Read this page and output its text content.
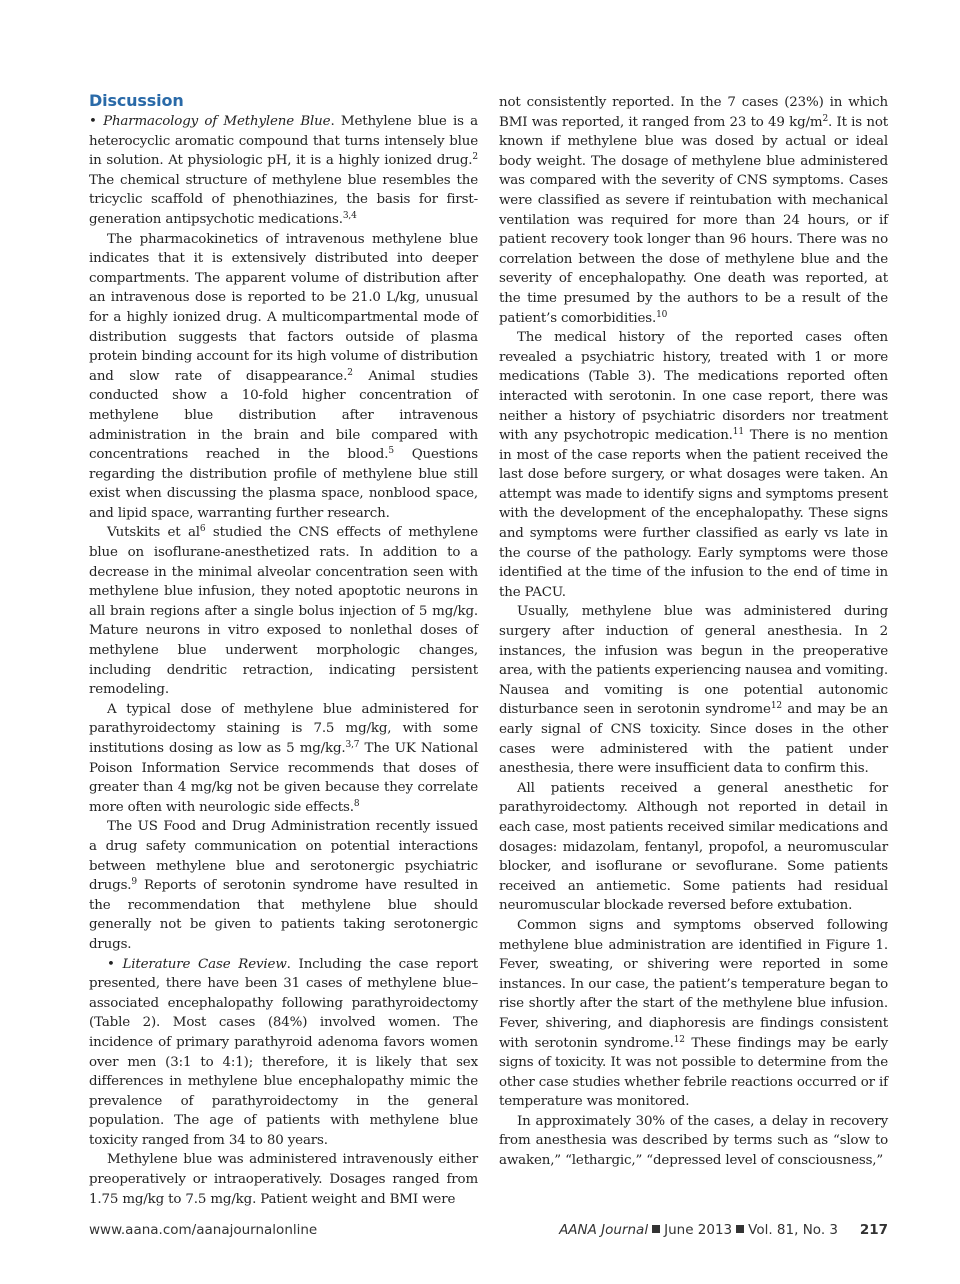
Discussion

• Pharmacology of Methylene Blue. Methylene blue is a heterocyclic aromatic compound that turns intensely blue in solution. At physiologic pH, it is a highly ionized drug.$^2$ The chemical structure of methylene blue resembles the tricyclic scaffold of phenothiazines, the basis for first-generation antipsychotic medications.$^{3,4}$

The pharmacokinetics of intravenous methylene blue indicates that it is extensively distributed into deeper compartments. The apparent volume of distribution after an intravenous dose is reported to be 21.0 L/kg, unusual for a highly ionized drug. A multicompartmental mode of distribution suggests that factors outside of plasma protein binding account for its high volume of distribution and slow rate of disappearance.$^2$ Animal studies conducted show a 10-fold higher concentration of methylene blue distribution after intravenous administration in the brain and bile compared with concentrations reached in the blood.$^5$ Questions regarding the distribution profile of methylene blue still exist when discussing the plasma space, nonblood space, and lipid space, warranting further research.

Vutskits et $al^6$ studied the CNS effects of methylene blue on isoflurane-anesthetized rats. In addition to a decrease in the minimal alveolar concentration seen with methylene blue infusion, they noted apoptotic neurons in all brain regions after a single bolus injection of 5 mg/kg. Mature neurons in vitro exposed to nonlethal doses of methylene blue underwent morphologic changes, including dendritic retraction, indicating persistent remodeling.

A typical dose of methylene blue administered for parathyroidectomy staining is 7.5 mg/kg, with some institutions dosing as low as 5 mg/kg.$^{3,7}$ The UK National Poison Information Service recommends that doses of greater than 4 mg/kg not be given because they correlate more often with neurologic side effects.$^8$

The US Food and Drug Administration recently issued a drug safety communication on potential interactions between methylene blue and serotonergic psychiatric drugs.$^9$ Reports of serotonin syndrome have resulted in the recommendation that methylene blue should generally not be given to patients taking serotonergic drugs.

• Literature Case Review. Including the case report presented, there have been 31 cases of methylene blue–associated encephalopathy following parathyroidectomy (Table 2). Most cases (84%) involved women. The incidence of primary parathyroid adenoma favors women over men (3:1 to 4:1); therefore, it is likely that sex differences in methylene blue encephalopathy mimic the prevalence of parathyroidectomy in the general population. The age of patients with methylene blue toxicity ranged from 34 to 80 years.

Methylene blue was administered intravenously either preoperatively or intraoperatively. Dosages ranged from 1.75 mg/kg to 7.5 mg/kg. Patient weight and BMI were

not consistently reported. In the 7 cases (23%) in which BMI was reported, it ranged from 23 to 49 $kg/m^2$. It is not known if methylene blue was dosed by actual or ideal body weight. The dosage of methylene blue administered was compared with the severity of CNS symptoms. Cases were classified as severe if reintubation with mechanical ventilation was required for more than 24 hours, or if patient recovery took longer than 96 hours. There was no correlation between the dose of methylene blue and the severity of encephalopathy. One death was reported, at the time presumed by the authors to be a result of the patient’s comorbidities.$^{10}$

The medical history of the reported cases often revealed a psychiatric history, treated with 1 or more medications (Table 3). The medications reported often interacted with serotonin. In one case report, there was neither a history of psychiatric disorders nor treatment with any psychotropic medication.$^{11}$ There is no mention in most of the case reports when the patient received the last dose before surgery, or what dosages were taken. An attempt was made to identify signs and symptoms present with the development of the encephalopathy. These signs and symptoms were further classified as early vs late in the course of the pathology. Early symptoms were those identified at the time of the infusion to the end of time in the PACU.

Usually, methylene blue was administered during surgery after induction of general anesthesia. In 2 instances, the infusion was begun in the preoperative area, with the patients experiencing nausea and vomiting. Nausea and vomiting is one potential autonomic disturbance seen in serotonin syndrome$^{12}$ and may be an early signal of CNS toxicity. Since doses in the other cases were administered with the patient under anesthesia, there were insufficient data to confirm this.

All patients received a general anesthetic for parathyroidectomy. Although not reported in detail in each case, most patients received similar medications and dosages: midazolam, fentanyl, propofol, a neuromuscular blocker, and isoflurane or sevoflurane. Some patients received an antiemetic. Some patients had residual neuromuscular blockade reversed before extubation.

Common signs and symptoms observed following methylene blue administration are identified in Figure 1. Fever, sweating, or shivering were reported in some instances. In our case, the patient’s temperature began to rise shortly after the start of the methylene blue infusion. Fever, shivering, and diaphoresis are findings consistent with serotonin syndrome.$^{12}$ These findings may be early signs of toxicity. It was not possible to determine from the other case studies whether febrile reactions occurred or if temperature was monitored.

In approximately 30% of the cases, a delay in recovery from anesthesia was described by terms such as “slow to awaken,” “lethargic,” “depressed level of consciousness,”

www.aana.com/aanajournalonline	AANA Journal June 2013 Vol. 81, No. 3 217
